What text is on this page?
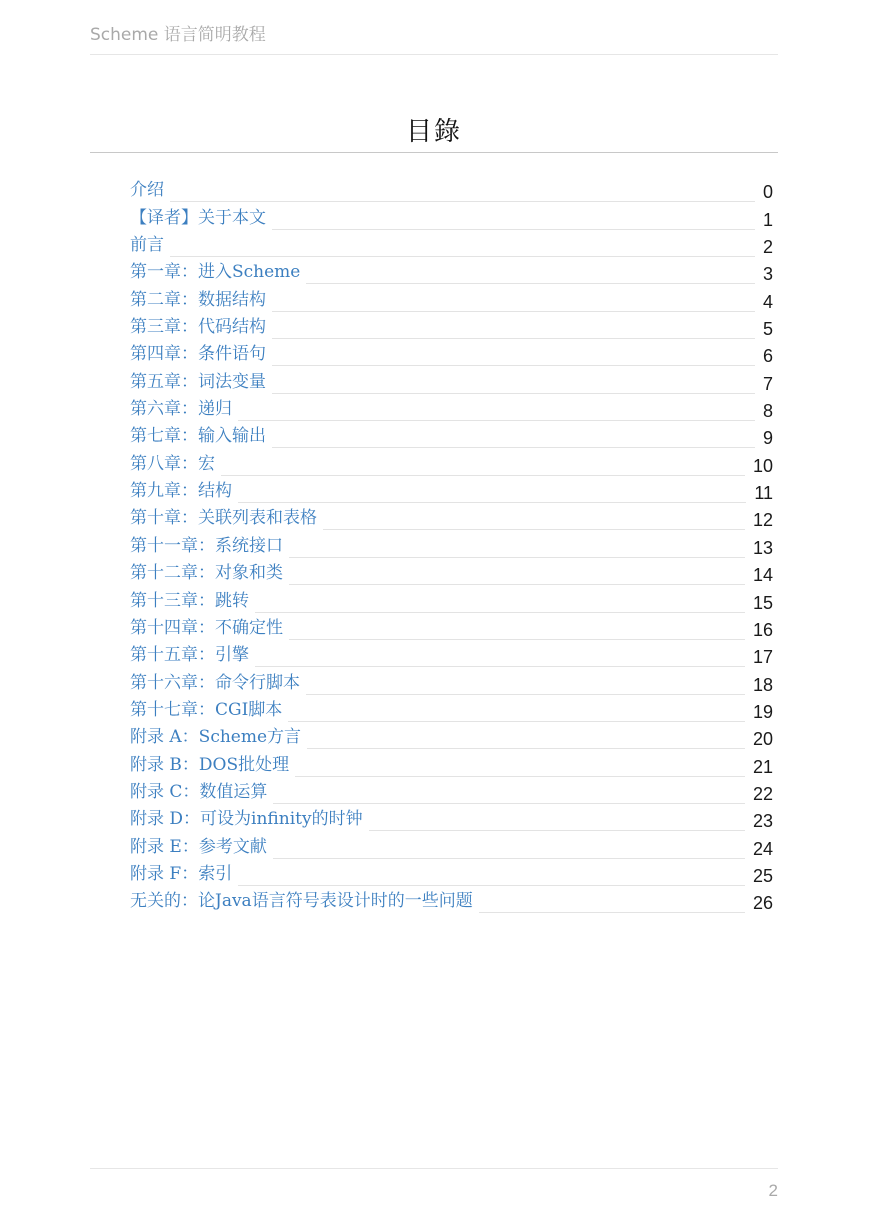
Scheme 语言简明教程
目錄
介绍	0
【译者】关于本文	1
前言	2
第一章：进入Scheme	3
第二章：数据结构	4
第三章：代码结构	5
第四章：条件语句	6
第五章：词法变量	7
第六章：递归	8
第七章：输入输出	9
第八章：宏	10
第九章：结构	11
第十章：关联列表和表格	12
第十一章：系统接口	13
第十二章：对象和类	14
第十三章：跳转	15
第十四章：不确定性	16
第十五章：引擎	17
第十六章：命令行脚本	18
第十七章：CGI脚本	19
附录 A：Scheme方言	20
附录 B：DOS批处理	21
附录 C：数值运算	22
附录 D：可设为infinity的时钟	23
附录 E：参考文献	24
附录 F：索引	25
无关的：论Java语言符号表设计时的一些问题	26
2
